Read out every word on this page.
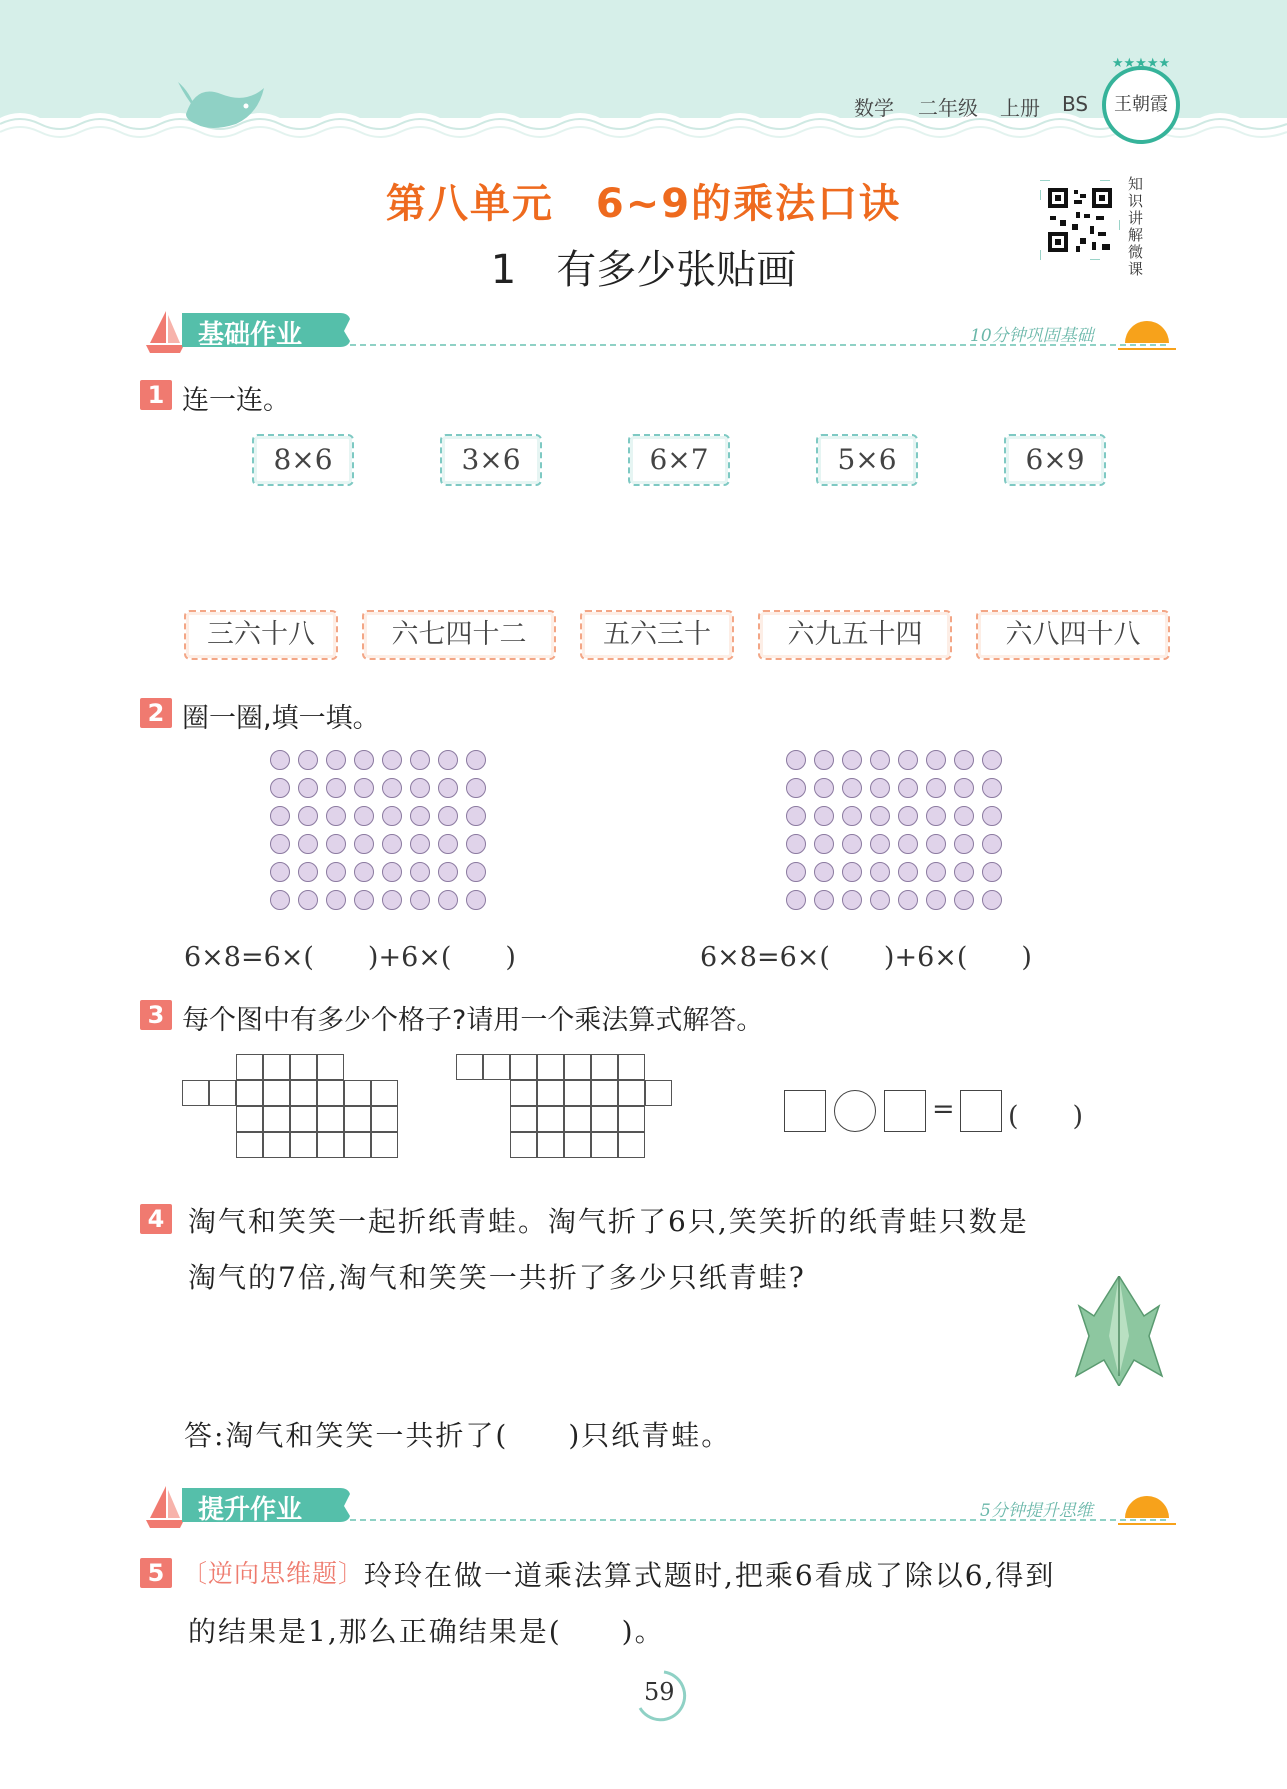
数学 二年级 上册 BS
★★★★★
王朝霞
第八单元　6~9的乘法口诀
1　有多少张贴画
知识讲解微课
基础作业	10分钟巩固基础
1 连一连。
8×6	3×6	6×7	5×6	6×9
三六十八	六七四十二	五六三十	六九五十四	六八四十八
2 圈一圈,填一填。
6×8=6×(　　)+6×(　　)	6×8=6×(　　)+6×(　　)
3 每个图中有多少个格子?请用一个乘法算式解答。
= (　　)
4 淘气和笑笑一起折纸青蛙。淘气折了6只,笑笑折的纸青蛙只数是
淘气的7倍,淘气和笑笑一共折了多少只纸青蛙?
答:淘气和笑笑一共折了(　　)只纸青蛙。
提升作业	5分钟提升思维
5 〔逆向思维题〕 玲玲在做一道乘法算式题时,把乘6看成了除以6,得到
的结果是1,那么正确结果是(　　)。
59
